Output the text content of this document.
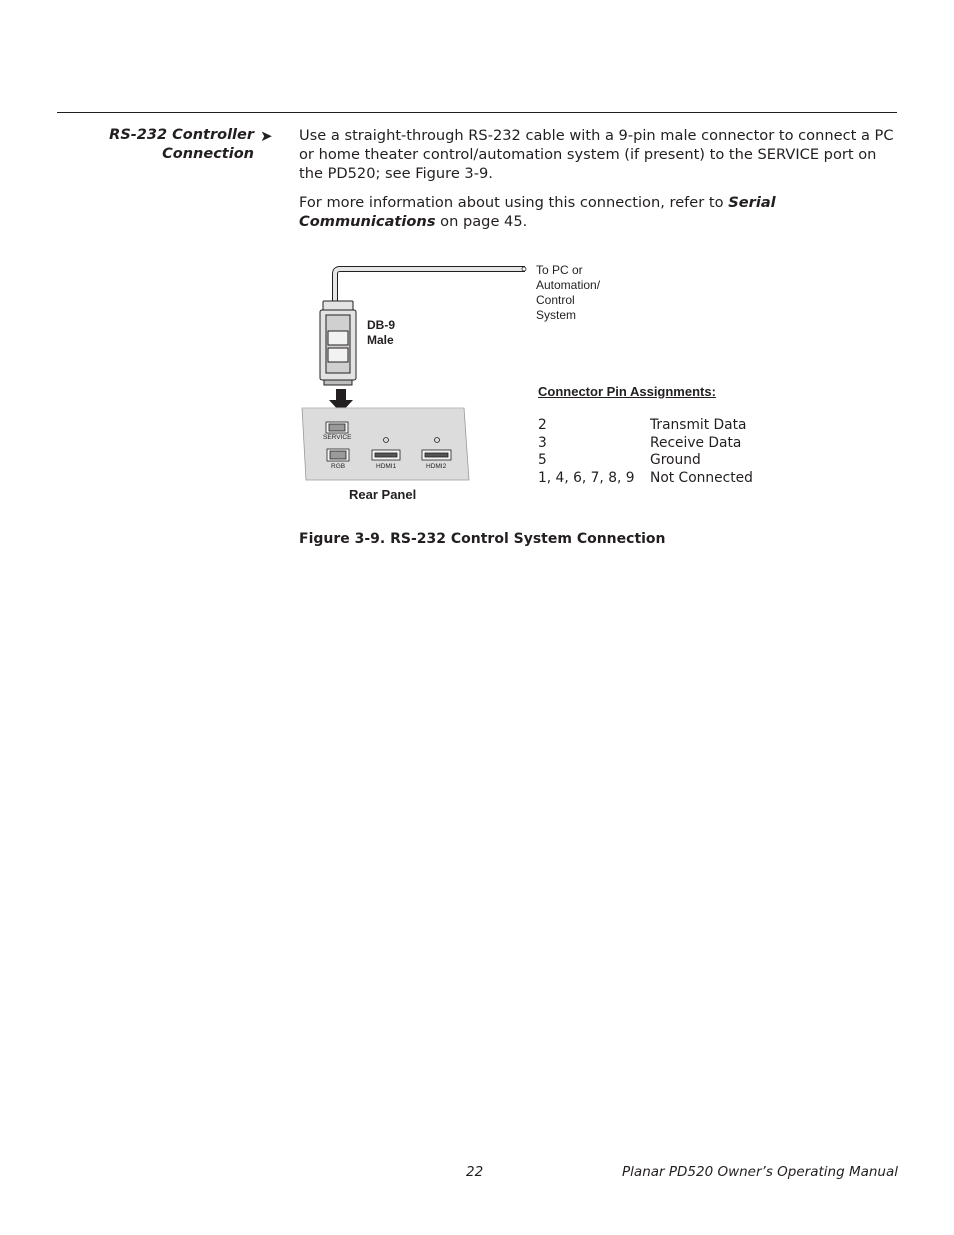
RS-232 Controller
Connection
➤ Use a straight-through RS-232 cable with a 9-pin male connector to connect a PC or home theater control/automation system (if present) to the SERVICE port on the PD520; see Figure 3-9.
For more information about using this connection, refer to Serial Communications on page 45.
SERVICE
RGB	HDMI1	HDMI2
To PC or
Automation/
Control
System
DB-9
Male
Rear Panel
Connector Pin Assignments:
2	Transmit Data
3	Receive Data
5	Ground
1, 4, 6, 7, 8, 9	Not Connected
Figure 3-9. RS-232 Control System Connection
22	Planar PD520 Owner’s Operating Manual
